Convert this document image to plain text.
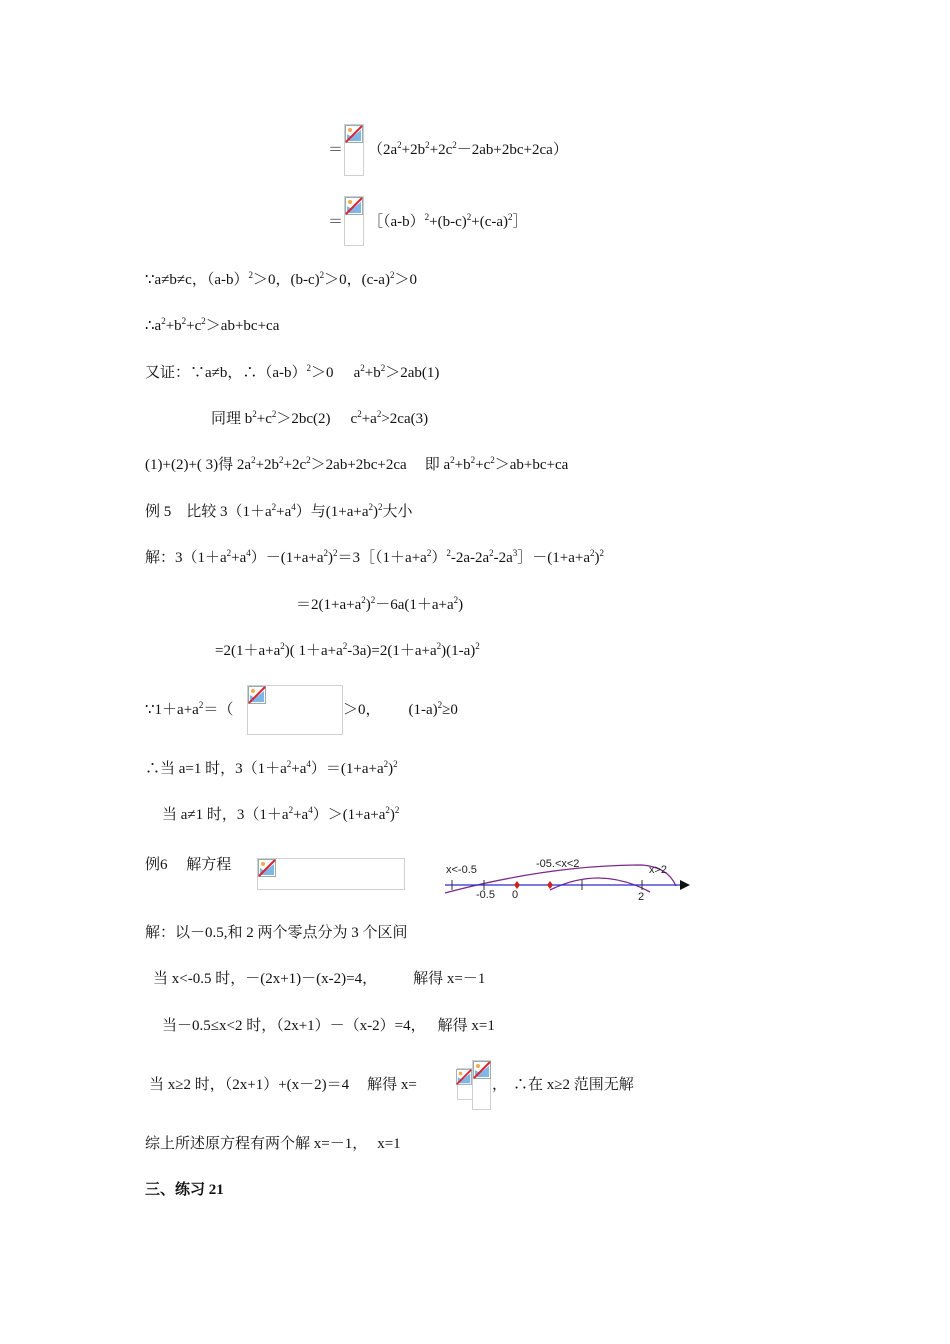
＝ $(2a^2+2b^2+2c^2-2ab+2bc+2ca)$
＝ $[(a-b)^2+(b-c)^2+(c-a)^2]$
∵a≠b≠c，$(a-b)^2>0$，$(b-c)^2>0$，$(c-a)^2>0$
$\therefore a^2+b^2+c^2>ab+bc+ca$
又证：∵a≠b，$\therefore(a-b)^2>0$ $a^2+b^2>2ab(1)$
同理 $b^2+c^2>2bc(2)$ $c^2+a^2>2ca(3)$
(1)+(2)+( 3)得 $2a^2+2b^2+2c^2>2ab+2bc+2ca$ 即 $a^2+b^2+c^2>ab+bc+ca$
例 5　比较 $3(1+a^2+a^4)$与$(1+a+a^2)^2$大小
解：$3(1+a^2+a^4)-(1+a+a^2)^2=3[(1+a+a^2)^2-2a-2a^2-2a^3]-(1+a+a^2)^2$
$=2(1+a+a^2)^2-6a(1+a+a^2)$
$=2(1+a+a^2)$( $1+a+a^2-3a)=2(1+a+a^2)(1-a)^2$
$\because 1+a+a^2=$（	＞0， $(1-a)^2\ge 0$
∴当 a=1 时，$3(1+a^2+a^4)=(1+a+a^2)^2$
当 a≠1 时，$3(1+a^2+a^4)>(1+a+a^2)^2$
例6　 解方程	x<-0.5	-05.<x<2	x>2
-0.5 0	2
解：以－0.5,和 2 两个零点分为 3 个区间
当 x<-0.5 时，－(2x+1)－(x-2)=4， 解得 x=－1
当－0.5≤x<2 时，（2x+1）－（x-2）=4， 解得 x=1
当 x≥2 时，（2x+1）+(x－2)＝4 解得 x=	， ∴在 x≥2 范围无解
综上所述原方程有两个解 x=－1， x=1
三、练习 21
